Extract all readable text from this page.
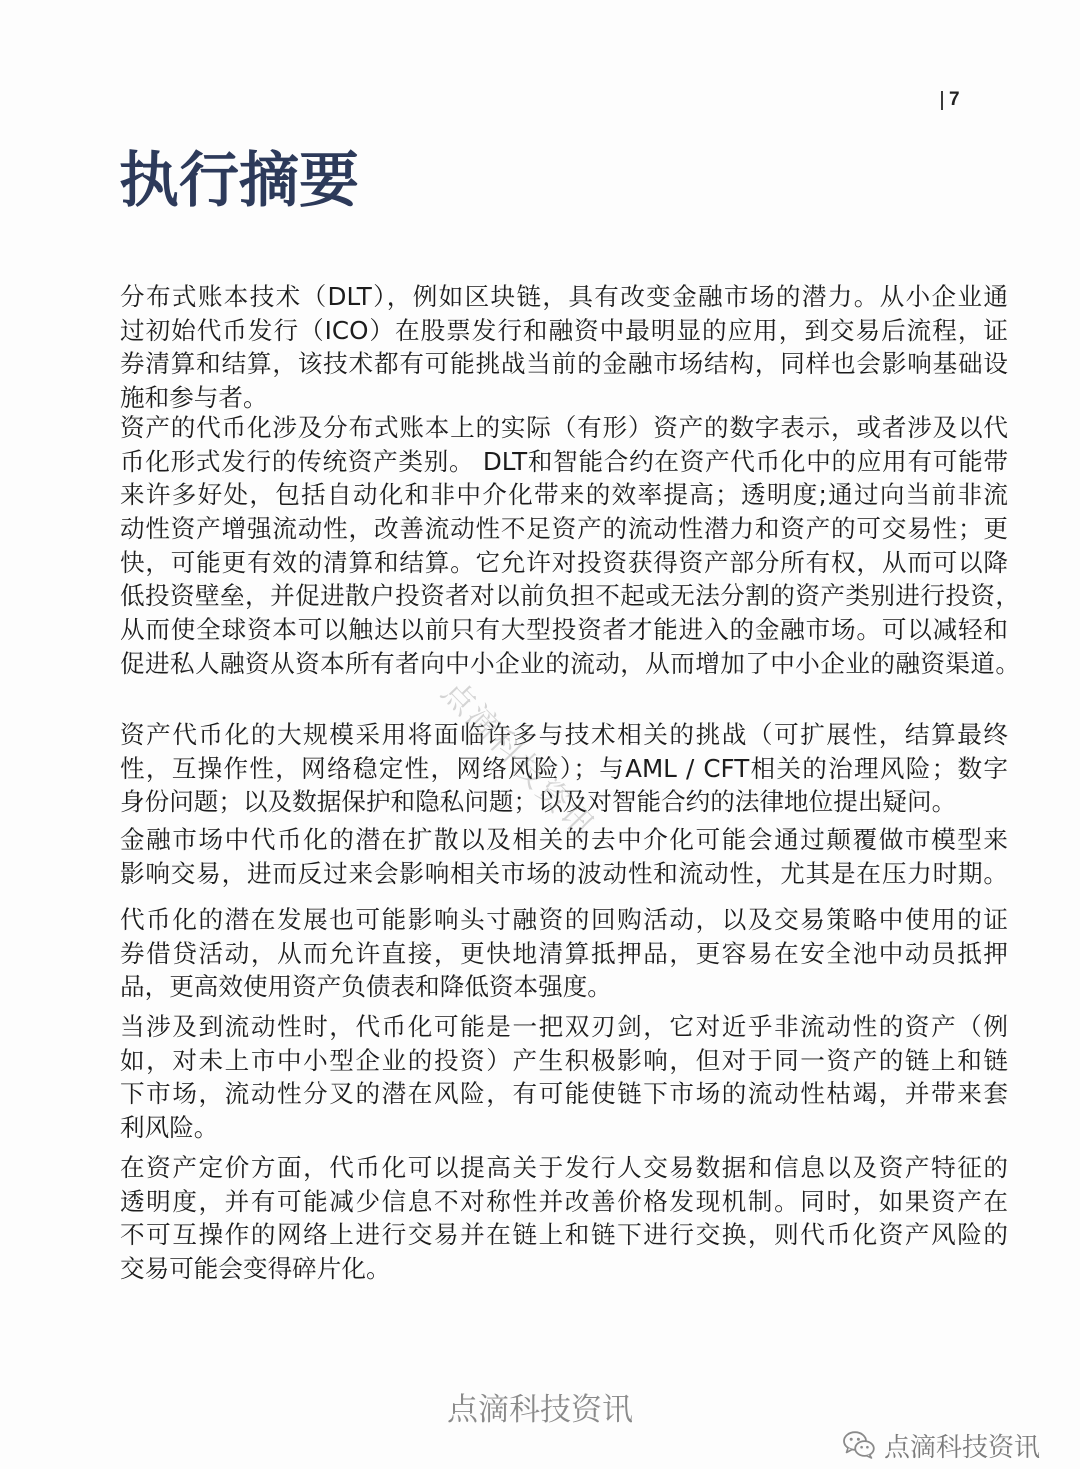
7
执行摘要
分布式账本技术（DLT），例如区块链，具有改变金融市场的潜力。从小企业通
过初始代币发行（ICO）在股票发行和融资中最明显的应用，到交易后流程，证
券清算和结算，该技术都有可能挑战当前的金融市场结构，同样也会影响基础设
施和参与者。
资产的代币化涉及分布式账本上的实际（有形）资产的数字表示，或者涉及以代
币化形式发行的传统资产类别。 DLT和智能合约在资产代币化中的应用有可能带
来许多好处，包括自动化和非中介化带来的效率提高；透明度;通过向当前非流
动性资产增强流动性，改善流动性不足资产的流动性潜力和资产的可交易性；更
快，可能更有效的清算和结算。它允许对投资获得资产部分所有权，从而可以降
低投资壁垒，并促进散户投资者对以前负担不起或无法分割的资产类别进行投资，
从而使全球资本可以触达以前只有大型投资者才能进入的金融市场。可以减轻和
促进私人融资从资本所有者向中小企业的流动，从而增加了中小企业的融资渠道。
资产代币化的大规模采用将面临许多与技术相关的挑战（可扩展性，结算最终
性，互操作性，网络稳定性，网络风险）；与AML / CFT相关的治理风险；数字
身份问题；以及数据保护和隐私问题；以及对智能合约的法律地位提出疑问。
金融市场中代币化的潜在扩散以及相关的去中介化可能会通过颠覆做市模型来
影响交易，进而反过来会影响相关市场的波动性和流动性，尤其是在压力时期。
代币化的潜在发展也可能影响头寸融资的回购活动，以及交易策略中使用的证
券借贷活动，从而允许直接，更快地清算抵押品，更容易在安全池中动员抵押
品，更高效使用资产负债表和降低资本强度。
当涉及到流动性时，代币化可能是一把双刃剑，它对近乎非流动性的资产（例
如，对未上市中小型企业的投资）产生积极影响，但对于同一资产的链上和链
下市场，流动性分叉的潜在风险，有可能使链下市场的流动性枯竭，并带来套
利风险。
在资产定价方面，代币化可以提高关于发行人交易数据和信息以及资产特征的
透明度，并有可能减少信息不对称性并改善价格发现机制。同时，如果资产在
不可互操作的网络上进行交易并在链上和链下进行交换，则代币化资产风险的
交易可能会变得碎片化。
点滴科技资讯
点滴科技资讯
点滴科技资讯
